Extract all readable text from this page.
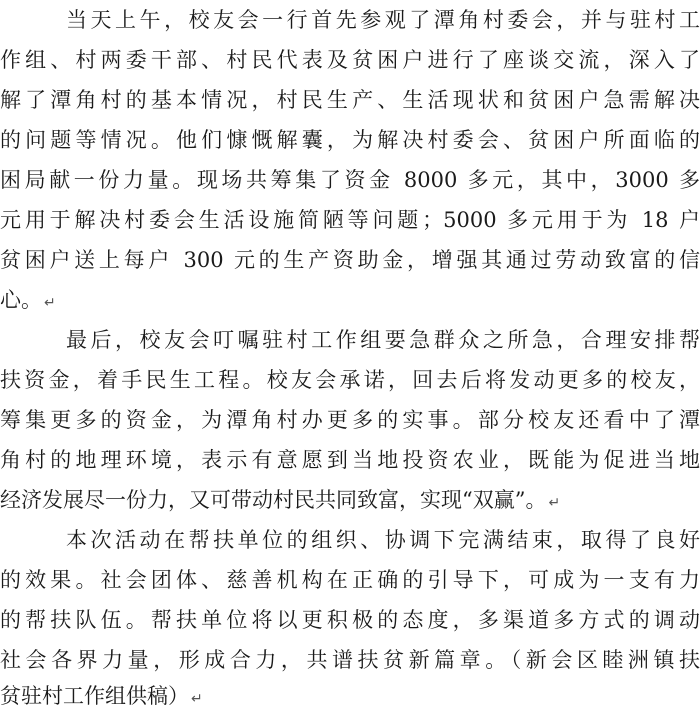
当天上午，校友会一行首先参观了潭角村委会，并与驻村工
作组、村两委干部、村民代表及贫困户进行了座谈交流，深入了
解了潭角村的基本情况，村民生产、生活现状和贫困户急需解决
的问题等情况。他们慷慨解囊，为解决村委会、贫困户所面临的
困局献一份力量。现场共筹集了资金 8000 多元，其中，3000 多
元用于解决村委会生活设施简陋等问题；5000 多元用于为 18 户
贫困户送上每户 300 元的生产资助金，增强其通过劳动致富的信
心。 ↵
最后，校友会叮嘱驻村工作组要急群众之所急，合理安排帮
扶资金，着手民生工程。校友会承诺，回去后将发动更多的校友，
筹集更多的资金，为潭角村办更多的实事。部分校友还看中了潭
角村的地理环境，表示有意愿到当地投资农业，既能为促进当地
经济发展尽一份力，又可带动村民共同致富，实现“双赢”。 ↵
本次活动在帮扶单位的组织、协调下完满结束，取得了良好
的效果。社会团体、慈善机构在正确的引导下，可成为一支有力
的帮扶队伍。帮扶单位将以更积极的态度，多渠道多方式的调动
社会各界力量，形成合力，共谱扶贫新篇章。（新会区睦洲镇扶
贫驻村工作组供稿） ↵
